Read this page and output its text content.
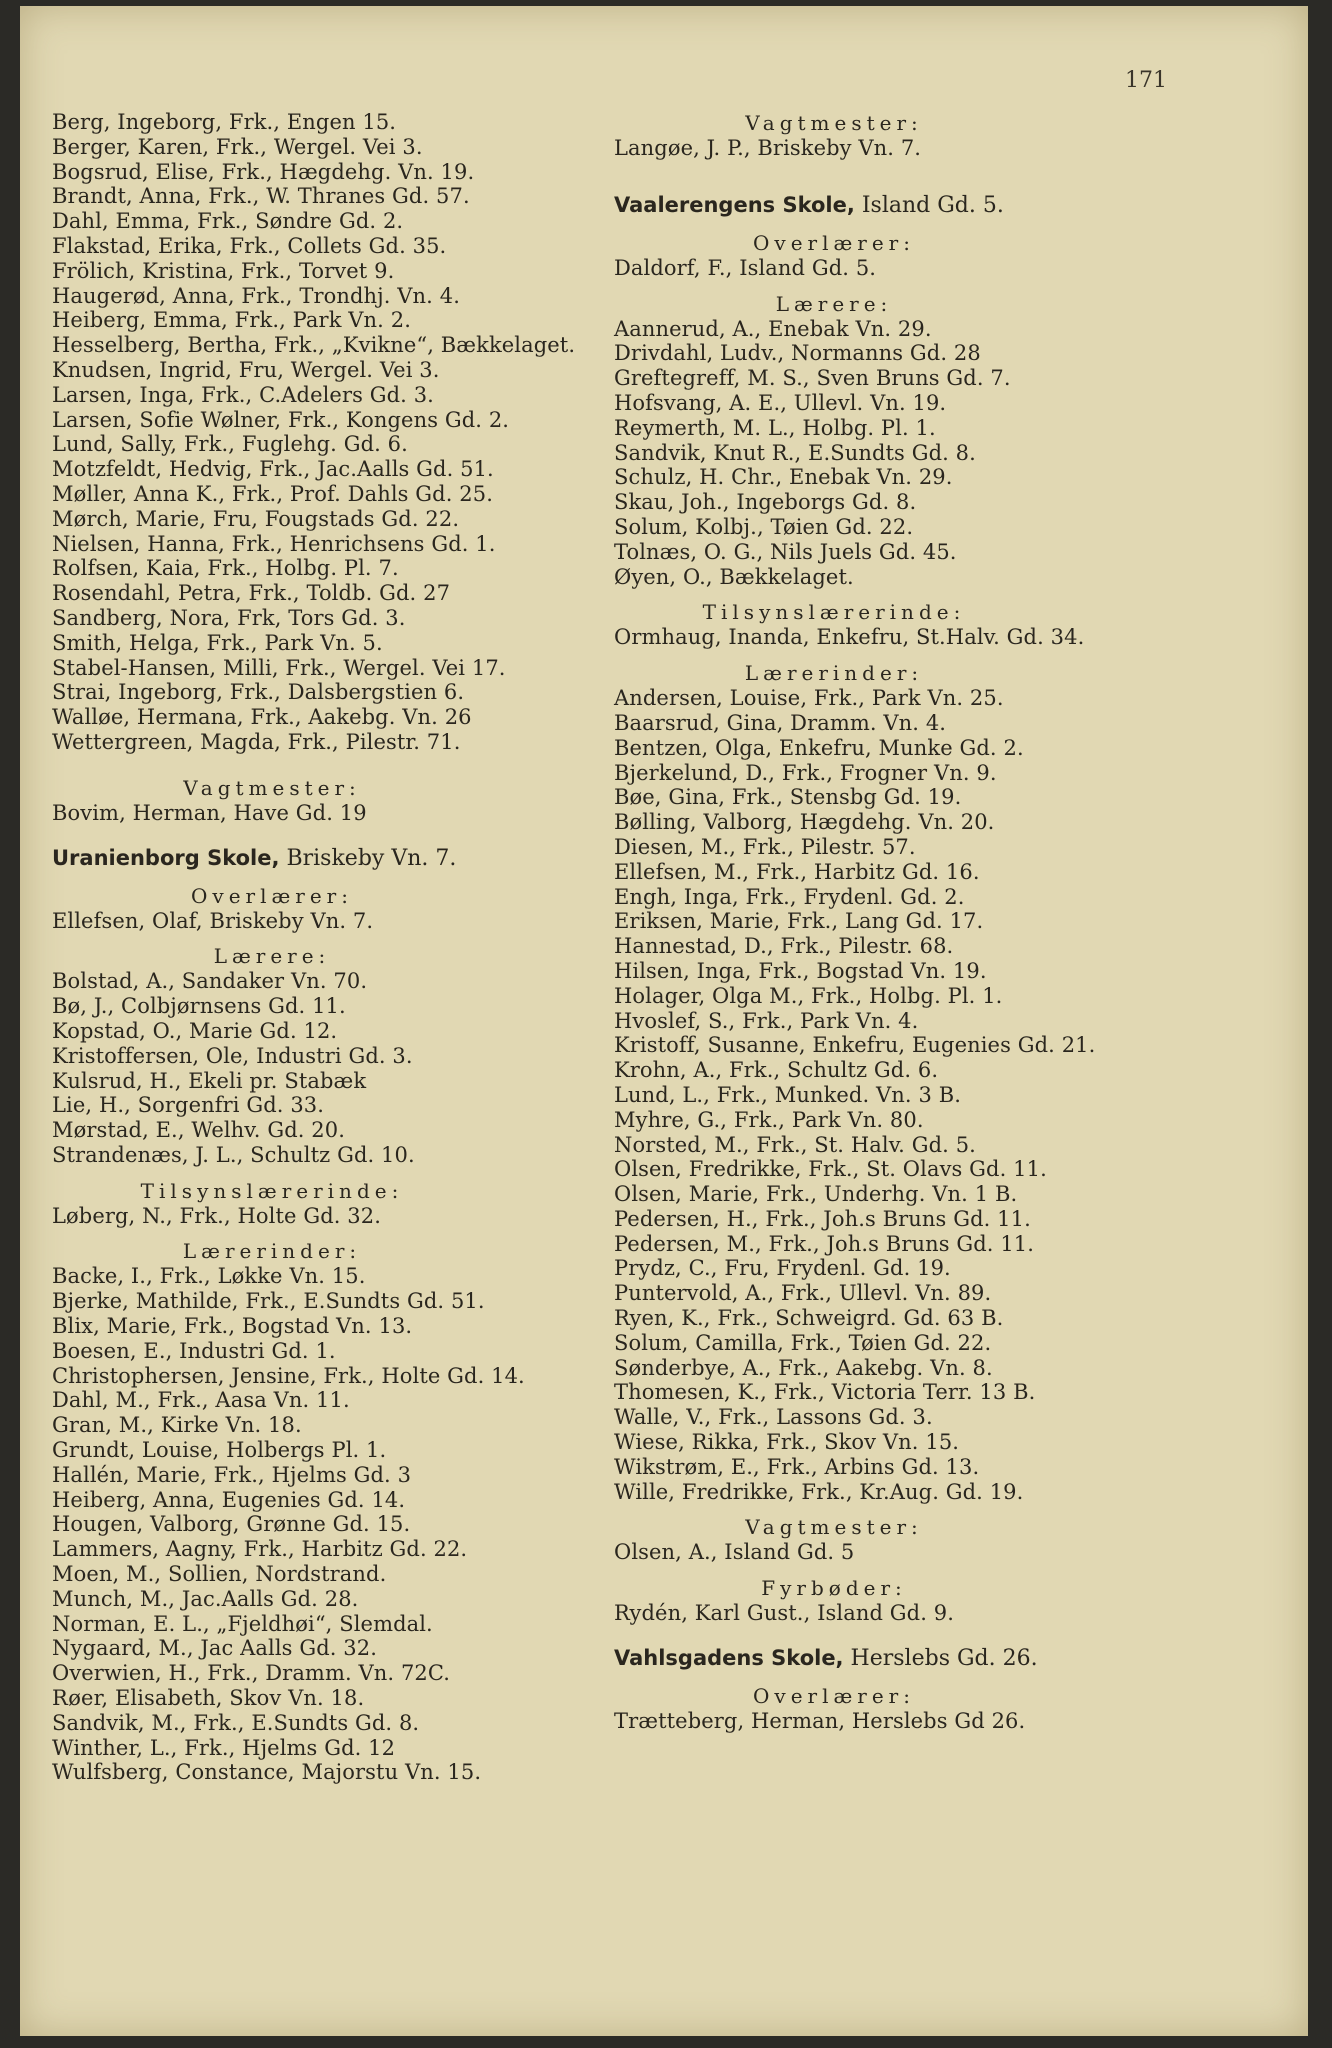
171
Berg, Ingeborg, Frk., Engen 15.
Berger, Karen, Frk., Wergel. Vei 3.
Bogsrud, Elise, Frk., Hægdehg. Vn. 19.
Brandt, Anna, Frk., W. Thranes Gd. 57.
Dahl, Emma, Frk., Søndre Gd. 2.
Flakstad, Erika, Frk., Collets Gd. 35.
Frölich, Kristina, Frk., Torvet 9.
Haugerød, Anna, Frk., Trondhj. Vn. 4.
Heiberg, Emma, Frk., Park Vn. 2.
Hesselberg, Bertha, Frk., „Kvikne“, Bækkelaget.
Knudsen, Ingrid, Fru, Wergel. Vei 3.
Larsen, Inga, Frk., C.Adelers Gd. 3.
Larsen, Sofie Wølner, Frk., Kongens Gd. 2.
Lund, Sally, Frk., Fuglehg. Gd. 6.
Motzfeldt, Hedvig, Frk., Jac.Aalls Gd. 51.
Møller, Anna K., Frk., Prof. Dahls Gd. 25.
Mørch, Marie, Fru, Fougstads Gd. 22.
Nielsen, Hanna, Frk., Henrichsens Gd. 1.
Rolfsen, Kaia, Frk., Holbg. Pl. 7.
Rosendahl, Petra, Frk., Toldb. Gd. 27
Sandberg, Nora, Frk, Tors Gd. 3.
Smith, Helga, Frk., Park Vn. 5.
Stabel-Hansen, Milli, Frk., Wergel. Vei 17.
Strai, Ingeborg, Frk., Dalsbergstien 6.
Walløe, Hermana, Frk., Aakebg. Vn. 26
Wettergreen, Magda, Frk., Pilestr. 71.
Vagtmester:
Bovim, Herman, Have Gd. 19
Uranienborg Skole, Briskeby Vn. 7.
Overlærer:
Ellefsen, Olaf, Briskeby Vn. 7.
Lærere:
Bolstad, A., Sandaker Vn. 70.
Bø, J., Colbjørnsens Gd. 11.
Kopstad, O., Marie Gd. 12.
Kristoffersen, Ole, Industri Gd. 3.
Kulsrud, H., Ekeli pr. Stabæk
Lie, H., Sorgenfri Gd. 33.
Mørstad, E., Welhv. Gd. 20.
Strandenæs, J. L., Schultz Gd. 10.
Tilsynslærerinde:
Løberg, N., Frk., Holte Gd. 32.
Lærerinder:
Backe, I., Frk., Løkke Vn. 15.
Bjerke, Mathilde, Frk., E.Sundts Gd. 51.
Blix, Marie, Frk., Bogstad Vn. 13.
Boesen, E., Industri Gd. 1.
Christophersen, Jensine, Frk., Holte Gd. 14.
Dahl, M., Frk., Aasa Vn. 11.
Gran, M., Kirke Vn. 18.
Grundt, Louise, Holbergs Pl. 1.
Hallén, Marie, Frk., Hjelms Gd. 3
Heiberg, Anna, Eugenies Gd. 14.
Hougen, Valborg, Grønne Gd. 15.
Lammers, Aagny, Frk., Harbitz Gd. 22.
Moen, M., Sollien, Nordstrand.
Munch, M., Jac.Aalls Gd. 28.
Norman, E. L., „Fjeldhøi“, Slemdal.
Nygaard, M., Jac Aalls Gd. 32.
Overwien, H., Frk., Dramm. Vn. 72C.
Røer, Elisabeth, Skov Vn. 18.
Sandvik, M., Frk., E.Sundts Gd. 8.
Winther, L., Frk., Hjelms Gd. 12
Wulfsberg, Constance, Majorstu Vn. 15.
Vagtmester:
Langøe, J. P., Briskeby Vn. 7.
Vaalerengens Skole, Island Gd. 5.
Overlærer:
Daldorf, F., Island Gd. 5.
Lærere:
Aannerud, A., Enebak Vn. 29.
Drivdahl, Ludv., Normanns Gd. 28
Greftegreff, M. S., Sven Bruns Gd. 7.
Hofsvang, A. E., Ullevl. Vn. 19.
Reymerth, M. L., Holbg. Pl. 1.
Sandvik, Knut R., E.Sundts Gd. 8.
Schulz, H. Chr., Enebak Vn. 29.
Skau, Joh., Ingeborgs Gd. 8.
Solum, Kolbj., Tøien Gd. 22.
Tolnæs, O. G., Nils Juels Gd. 45.
Øyen, O., Bækkelaget.
Tilsynslærerinde:
Ormhaug, Inanda, Enkefru, St.Halv. Gd. 34.
Lærerinder:
Andersen, Louise, Frk., Park Vn. 25.
Baarsrud, Gina, Dramm. Vn. 4.
Bentzen, Olga, Enkefru, Munke Gd. 2.
Bjerkelund, D., Frk., Frogner Vn. 9.
Bøe, Gina, Frk., Stensbg Gd. 19.
Bølling, Valborg, Hægdehg. Vn. 20.
Diesen, M., Frk., Pilestr. 57.
Ellefsen, M., Frk., Harbitz Gd. 16.
Engh, Inga, Frk., Frydenl. Gd. 2.
Eriksen, Marie, Frk., Lang Gd. 17.
Hannestad, D., Frk., Pilestr. 68.
Hilsen, Inga, Frk., Bogstad Vn. 19.
Holager, Olga M., Frk., Holbg. Pl. 1.
Hvoslef, S., Frk., Park Vn. 4.
Kristoff, Susanne, Enkefru, Eugenies Gd. 21.
Krohn, A., Frk., Schultz Gd. 6.
Lund, L., Frk., Munked. Vn. 3 B.
Myhre, G., Frk., Park Vn. 80.
Norsted, M., Frk., St. Halv. Gd. 5.
Olsen, Fredrikke, Frk., St. Olavs Gd. 11.
Olsen, Marie, Frk., Underhg. Vn. 1 B.
Pedersen, H., Frk., Joh.s Bruns Gd. 11.
Pedersen, M., Frk., Joh.s Bruns Gd. 11.
Prydz, C., Fru, Frydenl. Gd. 19.
Puntervold, A., Frk., Ullevl. Vn. 89.
Ryen, K., Frk., Schweigrd. Gd. 63 B.
Solum, Camilla, Frk., Tøien Gd. 22.
Sønderbye, A., Frk., Aakebg. Vn. 8.
Thomesen, K., Frk., Victoria Terr. 13 B.
Walle, V., Frk., Lassons Gd. 3.
Wiese, Rikka, Frk., Skov Vn. 15.
Wikstrøm, E., Frk., Arbins Gd. 13.
Wille, Fredrikke, Frk., Kr.Aug. Gd. 19.
Vagtmester:
Olsen, A., Island Gd. 5
Fyrbøder:
Rydén, Karl Gust., Island Gd. 9.
Vahlsgadens Skole, Herslebs Gd. 26.
Overlærer:
Trætteberg, Herman, Herslebs Gd 26.
